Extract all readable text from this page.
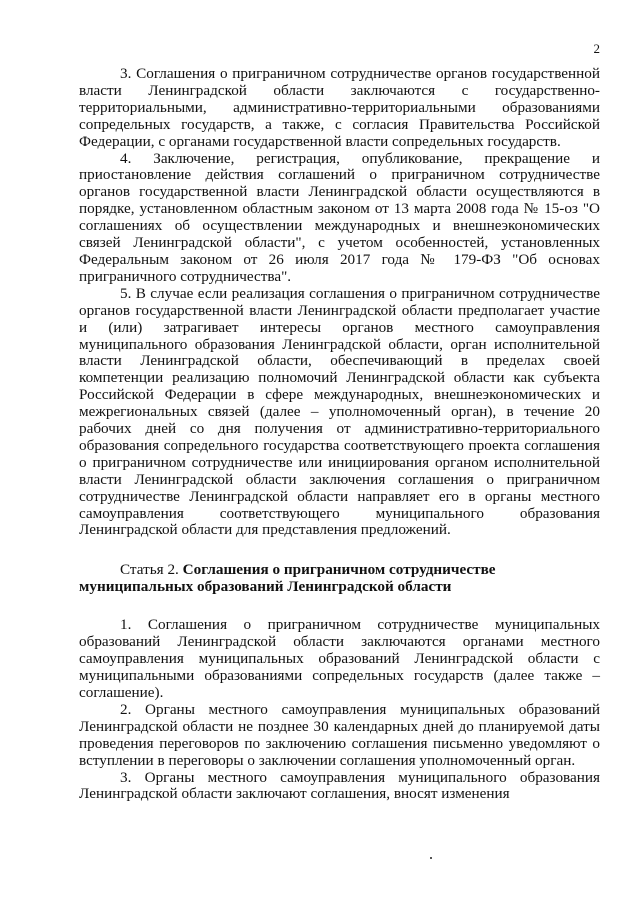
2

3. Соглашения о приграничном сотрудничестве органов государственной власти Ленинградской области заключаются с государственно-территориальными, административно-территориальными образованиями сопредельных государств, а также, с согласия Правительства Российской Федерации, с органами государственной власти сопредельных государств.

4. Заключение, регистрация, опубликование, прекращение и приостановление действия соглашений о приграничном сотрудничестве органов государственной власти Ленинградской области осуществляются в порядке, установленном областным законом от 13 марта 2008 года № 15-оз "О соглашениях об осуществлении международных и внешнеэкономических связей Ленинградской области", с учетом особенностей, установленных Федеральным законом от 26 июля 2017 года № 179-ФЗ "Об основах приграничного сотрудничества".

5. В случае если реализация соглашения о приграничном сотрудничестве органов государственной власти Ленинградской области предполагает участие и (или) затрагивает интересы органов местного самоуправления муниципального образования Ленинградской области, орган исполнительной власти Ленинградской области, обеспечивающий в пределах своей компетенции реализацию полномочий Ленинградской области как субъекта Российской Федерации в сфере международных, внешнеэкономических и межрегиональных связей (далее – уполномоченный орган), в течение 20 рабочих дней со дня получения от административно-территориального образования сопредельного государства соответствующего проекта соглашения о приграничном сотрудничестве или инициирования органом исполнительной власти Ленинградской области заключения соглашения о приграничном сотрудничестве Ленинградской области направляет его в органы местного самоуправления соответствующего муниципального образования Ленинградской области для представления предложений.

Статья 2. Соглашения о приграничном сотрудничестве муниципальных образований Ленинградской области

1. Соглашения о приграничном сотрудничестве муниципальных образований Ленинградской области заключаются органами местного самоуправления муниципальных образований Ленинградской области с муниципальными образованиями сопредельных государств (далее также – соглашение).

2. Органы местного самоуправления муниципальных образований Ленинградской области не позднее 30 календарных дней до планируемой даты проведения переговоров по заключению соглашения письменно уведомляют о вступлении в переговоры о заключении соглашения уполномоченный орган.

3. Органы местного самоуправления муниципального образования Ленинградской области заключают соглашения, вносят изменения
